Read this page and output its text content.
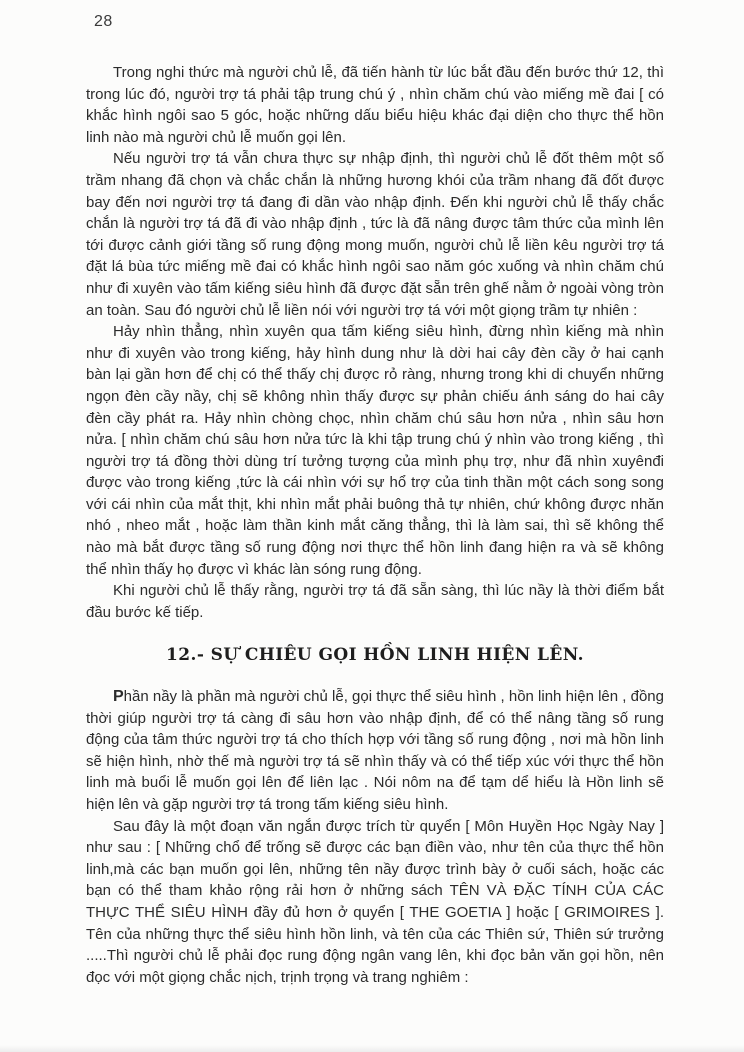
28

Trong nghi thức mà người chủ lễ, đã tiến hành từ lúc bắt đầu đến bước thứ 12, thì trong lúc đó, người trợ tá phải tập trung chú ý , nhìn chăm chú vào miếng mề đai [ có khắc hình ngôi sao 5 góc, hoặc những dấu biểu hiệu khác đại diện cho thực thể hồn linh nào mà người chủ lễ muốn gọi lên.

Nếu người trợ tá vẫn chưa thực sự nhập định, thì người chủ lễ đốt thêm một số trầm nhang đã chọn và chắc chắn là những hương khói của trầm nhang đã đốt được bay đến nơi người trợ tá đang đi dần vào nhập định. Đến khi người chủ lễ thấy chắc chắn là người trợ tá đã đi vào nhập định , tức là đã nâng được tâm thức của mình lên tới được cảnh giới tầng số rung động mong muốn, người chủ lễ liền kêu người trợ tá đặt lá bùa tức miếng mề đai có khắc hình ngôi sao năm góc xuống và nhìn chăm chú như đi xuyên vào tấm kiếng siêu hình đã được đặt sẵn trên ghế nằm ở ngoài vòng tròn an toàn. Sau đó người chủ lễ liền nói với người trợ tá với một giọng trầm tự nhiên :

Hảy nhìn thẳng, nhìn xuyên qua tấm kiếng siêu hình, đừng nhìn kiếng mà nhìn như đi xuyên vào trong kiếng, hảy hình dung như là dời hai cây đèn cầy ở hai cạnh bàn lại gần hơn để chị có thể thấy chị được rỏ ràng, nhưng trong khi di chuyển những ngọn đèn cầy nầy, chị sẽ không nhìn thấy được sự phản chiếu ánh sáng do hai cây đèn cầy phát ra. Hảy nhìn chòng chọc, nhìn chăm chú sâu hơn nửa , nhìn sâu hơn nửa. [ nhìn chăm chú sâu hơn nửa tức là khi tập trung chú ý nhìn vào trong kiếng , thì người trợ tá đồng thời dùng trí tưởng tượng của mình phụ trợ, như đã nhìn xuyênđi được vào trong kiếng ,tức là cái nhìn với sự hổ trợ của tinh thần một cách song song với cái nhìn của mắt thịt, khi nhìn mắt phải buông thả tự nhiên, chứ không được nhăn nhó , nheo mắt , hoặc làm thần kinh mắt căng thẳng, thì là làm sai, thì sẽ không thể nào mà bắt được tầng số rung động nơi thực thể hồn linh đang hiện ra và sẽ không thể nhìn thấy họ được vì khác làn sóng rung động.

Khi người chủ lễ thấy rằng, người trợ tá đã sẵn sàng, thì lúc nầy là thời điểm bắt đầu bước kế tiếp.

12.- SỰ CHIÊU GỌI HỒN LINH HIỆN LÊN.

Phần nầy là phần mà người chủ lễ, gọi thực thể siêu hình , hồn linh hiện lên , đồng thời giúp người trợ tá càng đi sâu hơn vào nhập định, để có thể nâng tầng số rung động của tâm thức người trợ tá cho thích hợp với tầng số rung động , nơi mà hồn linh sẽ hiện hình, nhờ thế mà người trợ tá sẽ nhìn thấy và có thể tiếp xúc với thực thể hồn linh mà buổi lễ muốn gọi lên để liên lạc . Nói nôm na để tạm dể hiểu là Hồn linh sẽ hiện lên và gặp người trợ tá trong tấm kiếng siêu hình.

Sau đây là một đoạn văn ngắn được trích từ quyển [ Môn Huyền Học Ngày Nay ] như sau : [ Những chổ để trống sẽ được các bạn điền vào, như tên của thực thể hồn linh,mà các bạn muốn gọi lên, những tên nầy được trình bày ở cuối sách, hoặc các bạn có thể tham khảo rộng rải hơn ở những sách TÊN VÀ ĐẶC TÍNH CỦA CÁC THỰC THỂ SIÊU HÌNH đầy đủ hơn ở quyển [ THE GOETIA ] hoặc [ GRIMOIRES ]. Tên của những thực thể siêu hình hồn linh, và tên của các Thiên sứ, Thiên sứ trưởng .....Thì người chủ lễ phải đọc rung động ngân vang lên, khi đọc bản văn gọi hồn, nên đọc với một giọng chắc nịch, trịnh trọng và trang nghiêm :
